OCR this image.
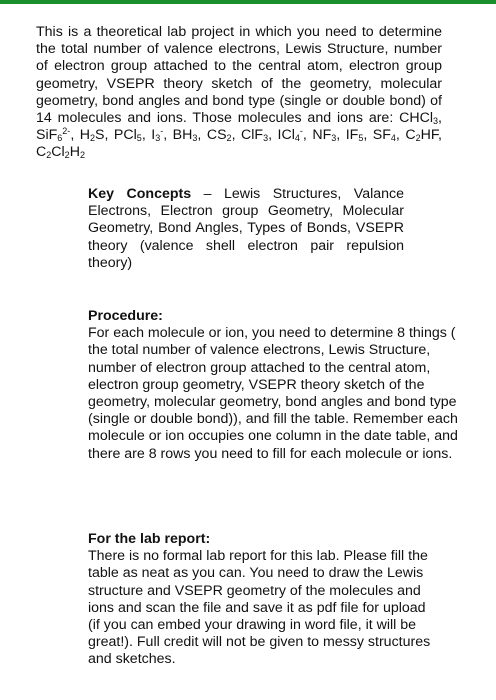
This is a theoretical lab project in which you need to determine the total number of valence electrons, Lewis Structure, number of electron group attached to the central atom, electron group geometry, VSEPR theory sketch of the geometry, molecular geometry, bond angles and bond type (single or double bond) of 14 molecules and ions. Those molecules and ions are: CHCl$_3$, SiF$_6^{2-}$, $H_2S$, PCl$_5$, $I_3^-$, $BH_3$, $CS_2$, ClF$_3$, ICl$_4$-, $NF_3$, $IF_5$, $SF_4$, $C_2HF$, $C_2Cl_2H_2$
Key Concepts – Lewis Structures, Valance Electrons, Electron group Geometry, Molecular Geometry, Bond Angles, Types of Bonds, VSEPR theory (valence shell electron pair repulsion theory)
Procedure:
For each molecule or ion, you need to determine 8 things ( the total number of valence electrons, Lewis Structure, number of electron group attached to the central atom, electron group geometry, VSEPR theory sketch of the geometry, molecular geometry, bond angles and bond type (single or double bond)), and fill the table. Remember each molecule or ion occupies one column in the date table, and there are 8 rows you need to fill for each molecule or ions.
For the lab report:
There is no formal lab report for this lab. Please fill the table as neat as you can. You need to draw the Lewis structure and VSEPR geometry of the molecules and ions and scan the file and save it as pdf file for upload (if you can embed your drawing in word file, it will be great!). Full credit will not be given to messy structures and sketches.
